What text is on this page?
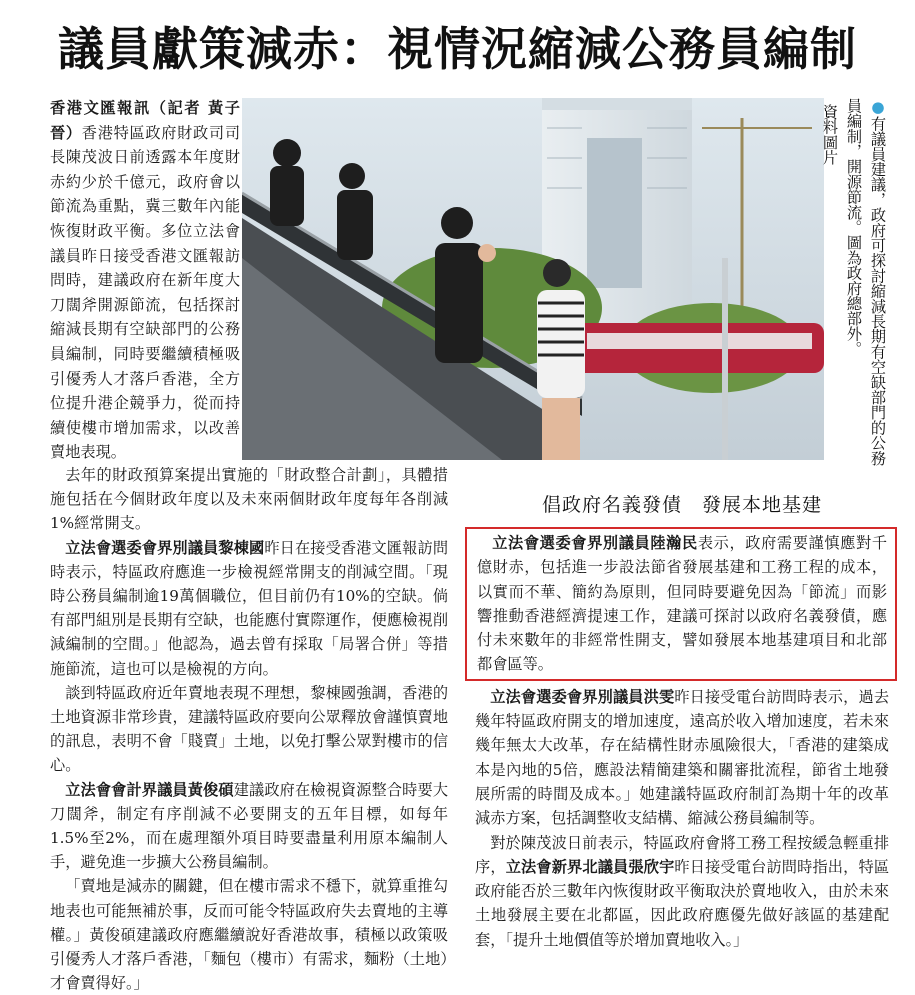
議員獻策減赤：視情況縮減公務員編制

香港文匯報訊（記者 黃子晉）香港特區政府財政司司長陳茂波日前透露本年度財赤約少於千億元，政府會以節流為重點，冀三數年內能恢復財政平衡。多位立法會議員昨日接受香港文匯報訪問時，建議政府在新年度大刀闊斧開源節流，包括探討縮減長期有空缺部門的公務員編制，同時要繼續積極吸引優秀人才落戶香港，全方位提升港企競爭力，從而持續使樓市增加需求，以改善賣地表現。

●有議員建議，政府可探討縮減長期有空缺部門的公務員編制，開源節流。圖為政府總部外。
資料圖片

去年的財政預算案提出實施的「財政整合計劃」，具體措施包括在今個財政年度以及未來兩個財政年度每年各削減1%經常開支。

立法會選委會界別議員黎棟國昨日在接受香港文匯報訪問時表示，特區政府應進一步檢視經常開支的削減空間。「現時公務員編制逾19萬個職位，但目前仍有10%的空缺。倘有部門組別是長期有空缺，也能應付實際運作，便應檢視削減編制的空間。」他認為，過去曾有採取「局署合併」等措施節流，這也可以是檢視的方向。

談到特區政府近年賣地表現不理想，黎棟國強調，香港的土地資源非常珍貴，建議特區政府要向公眾釋放會謹慎賣地的訊息，表明不會「賤賣」土地，以免打擊公眾對樓市的信心。

立法會會計界議員黃俊碩建議政府在檢視資源整合時要大刀闊斧，制定有序削減不必要開支的五年目標，如每年1.5%至2%，而在處理額外項目時要盡量利用原本編制人手，避免進一步擴大公務員編制。

「賣地是減赤的關鍵，但在樓市需求不穩下，就算重推勾地表也可能無補於事，反而可能令特區政府失去賣地的主導權。」黃俊碩建議政府應繼續說好香港故事，積極以政策吸引優秀人才落戶香港，「麵包（樓市）有需求，麵粉（土地）才會賣得好。」

倡政府名義發債　發展本地基建

立法會選委會界別議員陸瀚民表示，政府需要謹慎應對千億財赤，包括進一步設法節省發展基建和工務工程的成本，以實而不華、簡約為原則，但同時要避免因為「節流」而影響推動香港經濟提速工作，建議可探討以政府名義發債，應付未來數年的非經常性開支，譬如發展本地基建項目和北部都會區等。

立法會選委會界別議員洪雯昨日接受電台訪問時表示，過去幾年特區政府開支的增加速度，遠高於收入增加速度，若未來幾年無太大改革，存在結構性財赤風險很大，「香港的建築成本是內地的5倍，應設法精簡建築和關審批流程，節省土地發展所需的時間及成本。」她建議特區政府制訂為期十年的改革減赤方案，包括調整收支結構、縮減公務員編制等。

對於陳茂波日前表示，特區政府會將工務工程按緩急輕重排序，立法會新界北議員張欣宇昨日接受電台訪問時指出，特區政府能否於三數年內恢復財政平衡取決於賣地收入，由於未來土地發展主要在北都區，因此政府應優先做好該區的基建配套，「提升土地價值等於增加賣地收入。」
